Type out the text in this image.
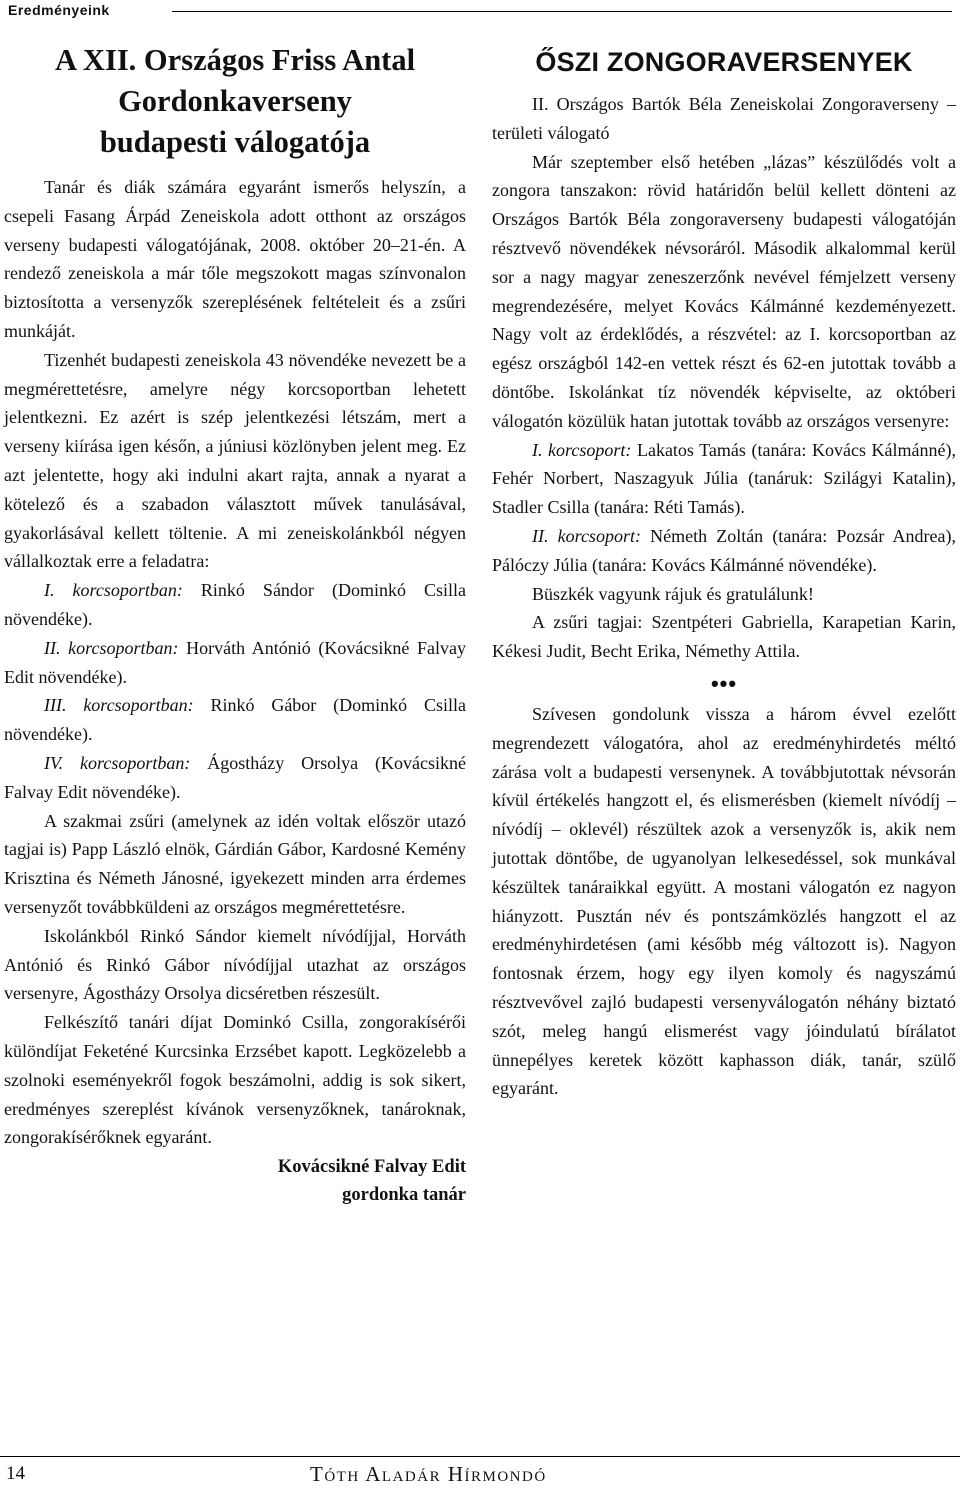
Eredményeink
A XII. Országos Friss Antal
Gordonkaverseny
budapesti válogatója

Tanár és diák számára egyaránt ismerős helyszín, a csepeli Fasang Árpád Zeneiskola adott otthont az országos verseny budapesti válogatójának, 2008. október 20–21-én. A rendező zeneiskola a már tőle megszokott magas színvonalon biztosította a versenyzők szereplésének feltételeit és a zsűri munkáját.

Tizenhét budapesti zeneiskola 43 növendéke nevezett be a megmérettetésre, amelyre négy korcsoportban lehetett jelentkezni. Ez azért is szép jelentkezési létszám, mert a verseny kiírása igen későn, a júniusi közlönyben jelent meg. Ez azt jelentette, hogy aki indulni akart rajta, annak a nyarat a kötelező és a szabadon választott művek tanulásával, gyakorlásával kellett töltenie. A mi zeneiskolánkból négyen vállalkoztak erre a feladatra:

I. korcsoportban: Rinkó Sándor (Dominkó Csilla növendéke).

II. korcsoportban: Horváth Antónió (Kovácsikné Falvay Edit növendéke).

III. korcsoportban: Rinkó Gábor (Dominkó Csilla növendéke).

IV. korcsoportban: Ágostházy Orsolya (Kovácsikné Falvay Edit növendéke).

A szakmai zsűri (amelynek az idén voltak először utazó tagjai is) Papp László elnök, Gárdián Gábor, Kardosné Kemény Krisztina és Németh Jánosné, igyekezett minden arra érdemes versenyzőt továbbküldeni az országos megmérettetésre.

Iskolánkból Rinkó Sándor kiemelt nívódíjjal, Horváth Antónió és Rinkó Gábor nívódíjjal utazhat az országos versenyre, Ágostházy Orsolya dicséretben részesült.

Felkészítő tanári díjat Dominkó Csilla, zongorakísérői különdíjat Feketéné Kurcsinka Erzsébet kapott. Legközelebb a szolnoki eseményekről fogok beszámolni, addig is sok sikert, eredményes szereplést kívánok versenyzőknek, tanároknak, zongorakísérőknek egyaránt.

Kovácsikné Falvay Edit
gordonka tanár
ŐSZI ZONGORAVERSENYEK

II. Országos Bartók Béla Zeneiskolai Zongoraverseny – területi válogató

Már szeptember első hetében „lázas” készülődés volt a zongora tanszakon: rövid határidőn belül kellett dönteni az Országos Bartók Béla zongoraverseny budapesti válogatóján résztvevő növendékek névsoráról. Második alkalommal kerül sor a nagy magyar zeneszerzőnk nevével fémjelzett verseny megrendezésére, melyet Kovács Kálmánné kezdeményezett. Nagy volt az érdeklődés, a részvétel: az I. korcsoportban az egész országból 142-en vettek részt és 62-en jutottak tovább a döntőbe. Iskolánkat tíz növendék képviselte, az októberi válogatón közülük hatan jutottak tovább az országos versenyre:

I. korcsoport: Lakatos Tamás (tanára: Kovács Kálmánné), Fehér Norbert, Naszagyuk Júlia (tanáruk: Szilágyi Katalin), Stadler Csilla (tanára: Réti Tamás).

II. korcsoport: Németh Zoltán (tanára: Pozsár Andrea), Pálóczy Júlia (tanára: Kovács Kálmánné növendéke).

Büszkék vagyunk rájuk és gratulálunk!

A zsűri tagjai: Szentpéteri Gabriella, Karapetian Karin, Kékesi Judit, Becht Erika, Némethy Attila.

•••

Szívesen gondolunk vissza a három évvel ezelőtt megrendezett válogatóra, ahol az eredményhirdetés méltó zárása volt a budapesti versenynek. A továbbjutottak névsorán kívül értékelés hangzott el, és elismerésben (kiemelt nívódíj – nívódíj – oklevél) részültek azok a versenyzők is, akik nem jutottak döntőbe, de ugyanolyan lelkesedéssel, sok munkával készültek tanáraikkal együtt. A mostani válogatón ez nagyon hiányzott. Pusztán név és pontszámközlés hangzott el az eredményhirdetésen (ami később még változott is). Nagyon fontosnak érzem, hogy egy ilyen komoly és nagyszámú résztvevővel zajló budapesti versenyválogatón néhány biztató szót, meleg hangú elismerést vagy jóindulatú bírálatot ünnepélyes keretek között kaphasson diák, tanár, szülő egyaránt.

14	Tóth Aladár Hírmondó
